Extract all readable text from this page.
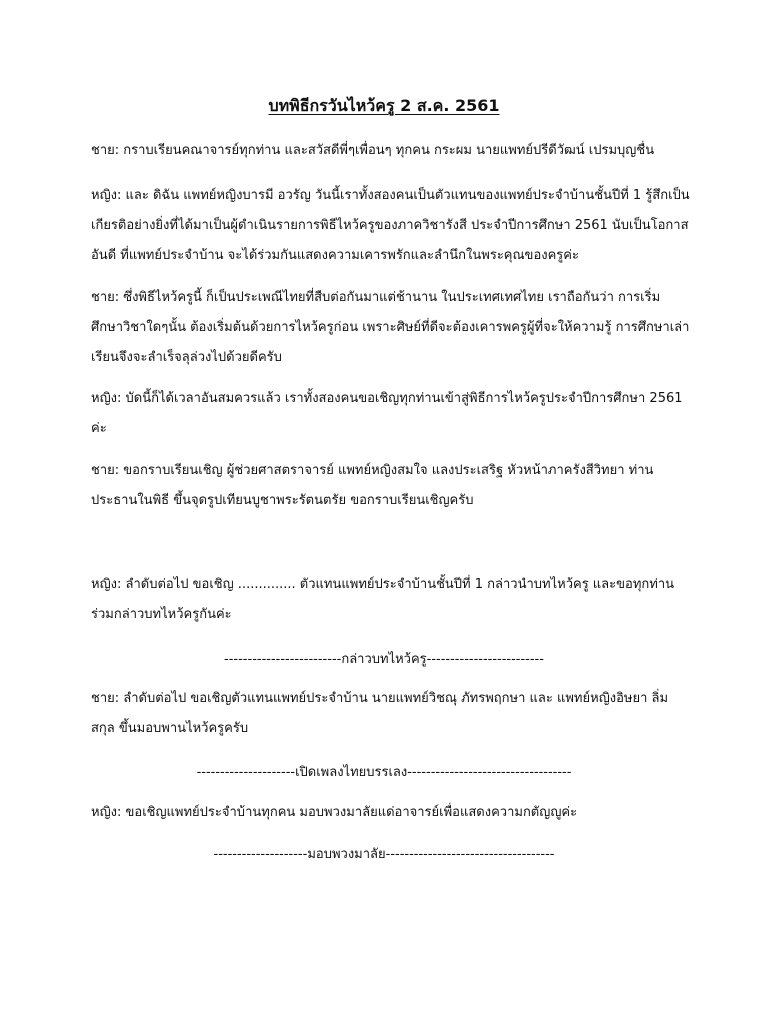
บทพิธีกรวันไหว้ครู 2 ส.ค. 2561

ชาย: กราบเรียนคณาจารย์ทุกท่าน และสวัสดีพี่ๆเพื่อนๆ ทุกคน กระผม นายแพทย์ปรีดีวัฒน์ เปรมบุญชื่น

หญิง: และ ดิฉัน แพทย์หญิงบารมี อวรัญ วันนี้เราทั้งสองคนเป็นตัวแทนของแพทย์ประจำบ้านชั้นปีที่ 1 รู้สึกเป็นเกียรติอย่างยิ่งที่ได้มาเป็นผู้ดำเนินรายการพิธีไหว้ครูของภาควิชารังสี ประจำปีการศึกษา 2561 นับเป็นโอกาสอันดี ที่แพทย์ประจำบ้าน จะได้ร่วมกันแสดงความเคารพรักและลำนึกในพระคุณของครูค่ะ

ชาย: ซึ่งพิธีไหว้ครูนี้ ก็เป็นประเพณีไทยที่สืบต่อกันมาแต่ช้านาน ในประเทศเทศไทย เราถือกันว่า การเริ่มศึกษาวิชาใดๆนั้น ต้องเริ่มต้นด้วยการไหว้ครูก่อน เพราะศิษย์ที่ดีจะต้องเคารพครูผู้ที่จะให้ความรู้ การศึกษาเล่าเรียนจึงจะลำเร็จลุล่วงไปด้วยดีครับ

หญิง: บัดนี้ก็ได้เวลาอันสมควรแล้ว เราทั้งสองคนขอเชิญทุกท่านเข้าสู่พิธีการไหว้ครูประจำปีการศึกษา 2561 ค่ะ

ชาย: ขอกราบเรียนเชิญ ผู้ช่วยศาสตราจารย์ แพทย์หญิงสมใจ แลงประเสริฐ หัวหน้าภาครังสีวิทยา ท่านประธานในพิธี ขึ้นจุดรูปเทียนบูชาพระรัตนตรัย ขอกราบเรียนเชิญครับ

หญิง: ลำดับต่อไป ขอเชิญ .............. ตัวแทนแพทย์ประจำบ้านชั้นปีที่ 1 กล่าวนำบทไหว้ครู และขอทุกท่านร่วมกล่าวบทไหว้ครูกันค่ะ

-------------------------กล่าวบทไหว้ครู-------------------------

ชาย: ลำดับต่อไป ขอเชิญตัวแทนแพทย์ประจำบ้าน นายแพทย์วิชณุ ภัทรพฤกษา และ แพทย์หญิงอิษยา ลิ่มสกุล ขึ้นมอบพานไหว้ครูครับ

---------------------เปิดเพลงไทยบรรเลง-----------------------------------

หญิง: ขอเชิญแพทย์ประจำบ้านทุกคน มอบพวงมาลัยแด่อาจารย์เพื่อแสดงความกตัญญูค่ะ

--------------------มอบพวงมาลัย------------------------------------
